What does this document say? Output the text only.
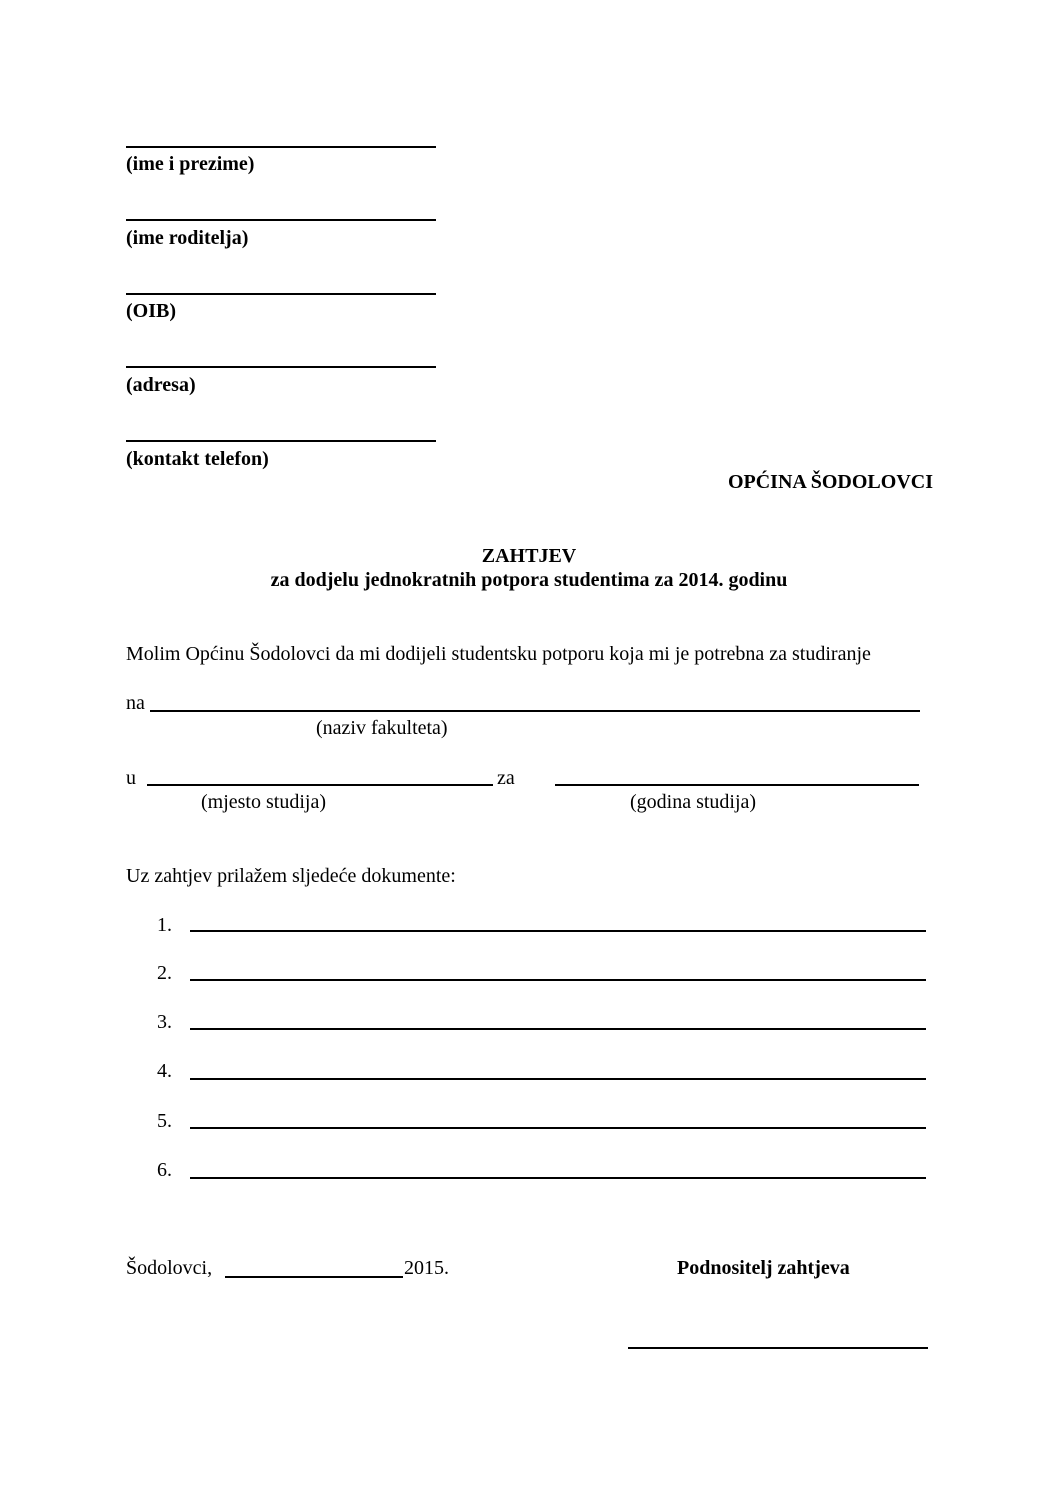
(ime i prezime)
(ime roditelja)
(OIB)
(adresa)
(kontakt telefon)
OPĆINA ŠODOLOVCI
ZAHTJEV
za dodjelu jednokratnih potpora studentima za 2014. godinu
Molim Općinu Šodolovci da mi dodijeli studentsku potporu koja mi je potrebna za studiranje
na
(naziv fakulteta)
u	za
(mjesto studija)	(godina studija)
Uz zahtjev prilažem sljedeće dokumente:
1.
2.
3.
4.
5.
6.
Šodolovci,	2015.	Podnositelj zahtjeva
